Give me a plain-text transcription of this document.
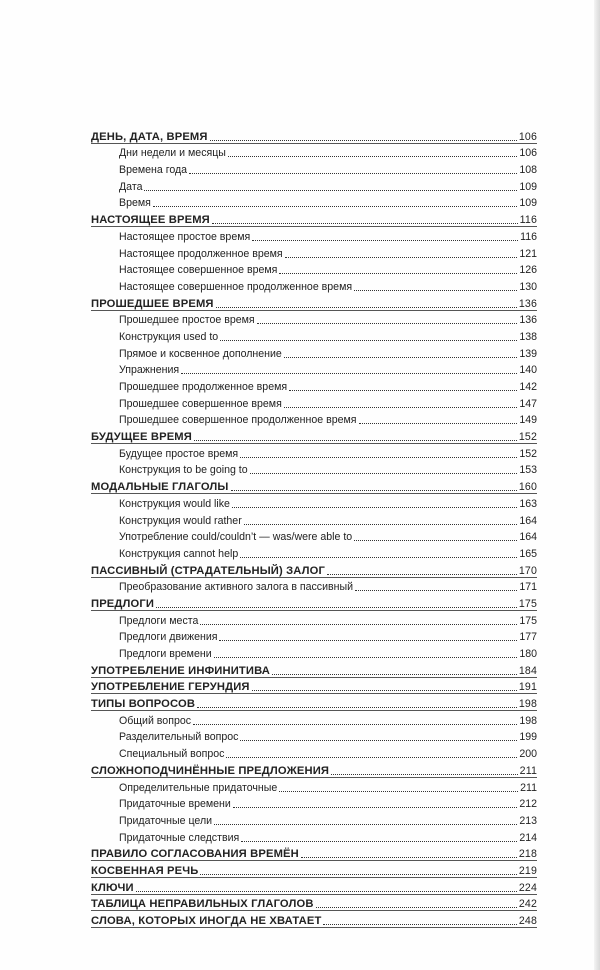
ДЕНЬ, ДАТА, ВРЕМЯ	106
Дни недели и месяцы	106
Времена года	108
Дата	109
Время	109
НАСТОЯЩЕЕ ВРЕМЯ	116
Настоящее простое время	116
Настоящее продолженное время	121
Настоящее совершенное время	126
Настоящее совершенное продолженное время	130
ПРОШЕДШЕЕ ВРЕМЯ	136
Прошедшее простое время	136
Конструкция used to	138
Прямое и косвенное дополнение	139
Упражнения	140
Прошедшее продолженное время	142
Прошедшее совершенное время	147
Прошедшее совершенное продолженное время	149
БУДУЩЕЕ ВРЕМЯ	152
Будущее простое время	152
Конструкция to be going to	153
МОДАЛЬНЫЕ ГЛАГОЛЫ	160
Конструкция would like	163
Конструкция would rather	164
Употребление could/couldn’t — was/were able to	164
Конструкция cannot help	165
ПАССИВНЫЙ (СТРАДАТЕЛЬНЫЙ) ЗАЛОГ	170
Преобразование активного залога в пассивный	171
ПРЕДЛОГИ	175
Предлоги места	175
Предлоги движения	177
Предлоги времени	180
УПОТРЕБЛЕНИЕ ИНФИНИТИВА	184
УПОТРЕБЛЕНИЕ ГЕРУНДИЯ	191
ТИПЫ ВОПРОСОВ	198
Общий вопрос	198
Разделительный вопрос	199
Специальный вопрос	200
СЛОЖНОПОДЧИНЁННЫЕ ПРЕДЛОЖЕНИЯ	211
Определительные придаточные	211
Придаточные времени	212
Придаточные цели	213
Придаточные следствия	214
ПРАВИЛО СОГЛАСОВАНИЯ ВРЕМЁН	218
КОСВЕННАЯ РЕЧЬ	219
КЛЮЧИ	224
ТАБЛИЦА НЕПРАВИЛЬНЫХ ГЛАГОЛОВ	242
СЛОВА, КОТОРЫХ ИНОГДА НЕ ХВАТАЕТ	248
